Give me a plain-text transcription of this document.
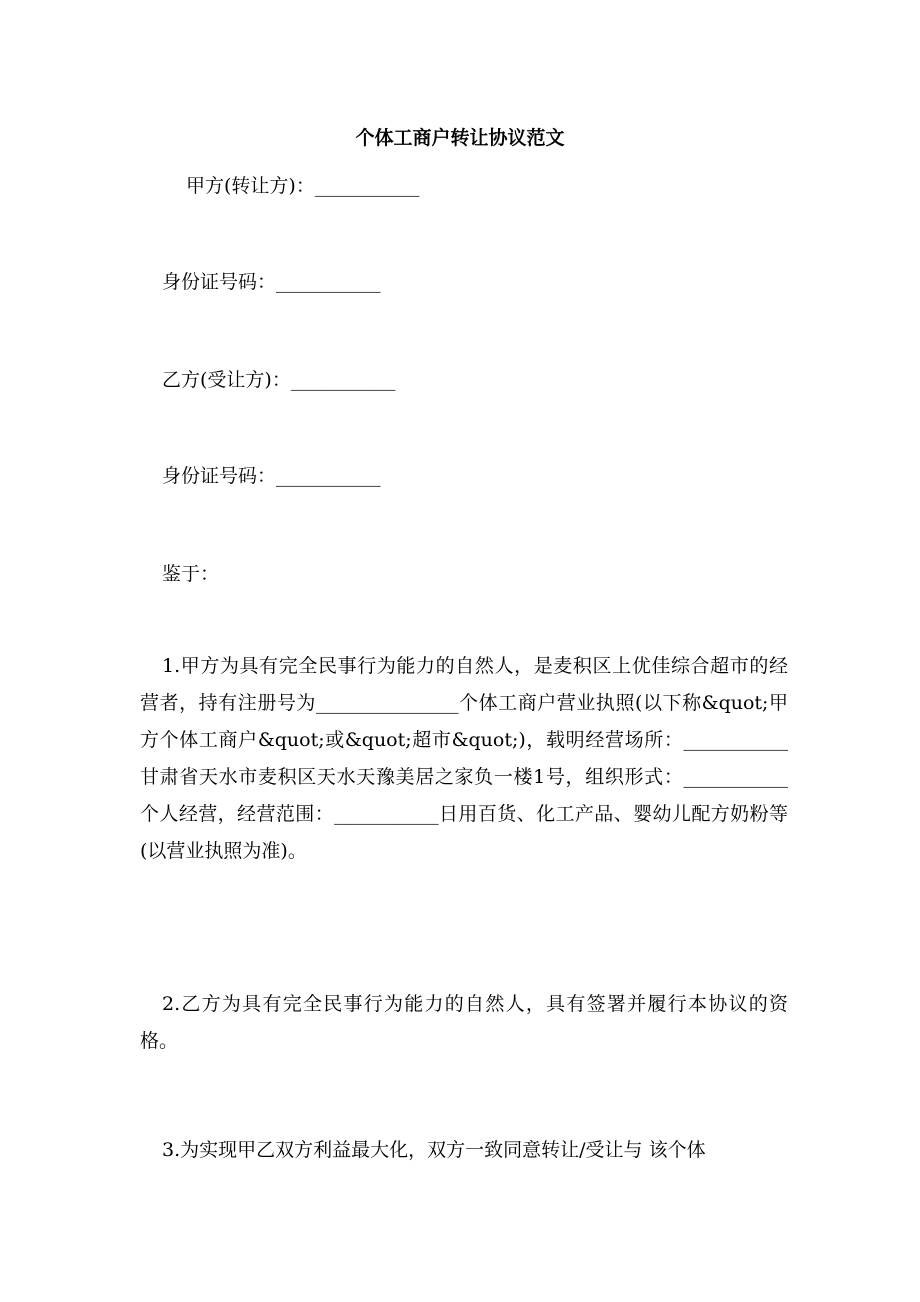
个体工商户转让协议范文
甲方(转让方)：___________
身份证号码：___________
乙方(受让方)：___________
身份证号码：___________
鉴于：
1.甲方为具有完全民事行为能力的自然人，是麦积区上优佳综合超市的经营者，持有注册号为_______________个体工商户营业执照(以下称&quot;甲方个体工商户&quot;或&quot;超市&quot;)，载明经营场所：___________甘肃省天水市麦积区天水天豫美居之家负一楼1号，组织形式：___________个人经营，经营范围：___________日用百货、化工产品、婴幼儿配方奶粉等(以营业执照为准)。
2.乙方为具有完全民事行为能力的自然人，具有签署并履行本协议的资格。
3.为实现甲乙双方利益最大化，双方一致同意转让/受让与 该个体
